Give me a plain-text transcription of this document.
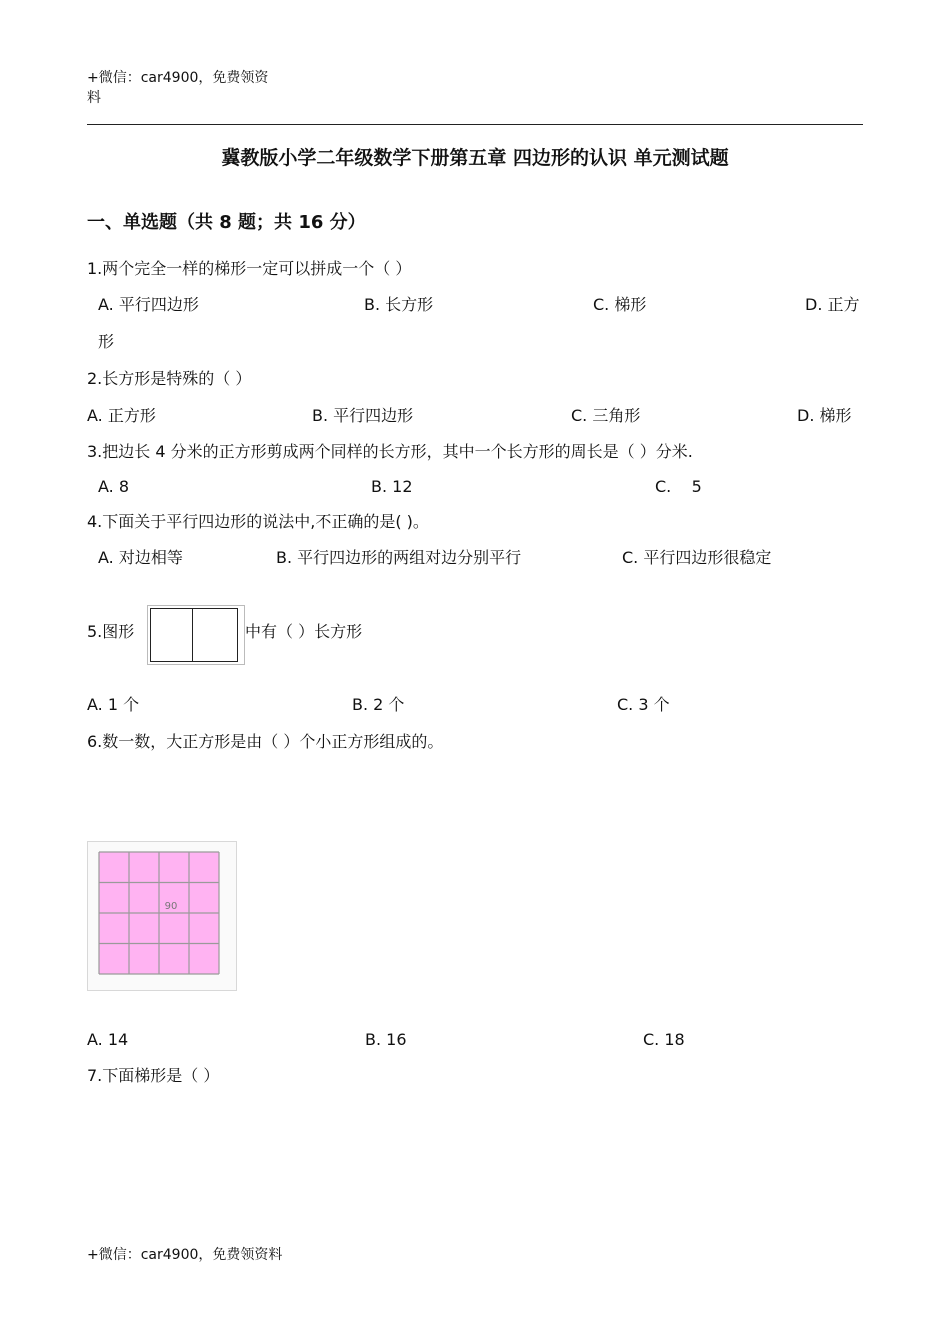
+微信：car4900，免费领资
料
冀教版小学二年级数学下册第五章 四边形的认识 单元测试题
一、单选题（共 8 题；共 16 分）
1.两个完全一样的梯形一定可以拼成一个（ ）
A. 平行四边形	B. 长方形	C. 梯形	D. 正方
形
2.长方形是特殊的（ ）
A. 正方形	B. 平行四边形	C. 三角形	D. 梯形
3.把边长 4 分米的正方形剪成两个同样的长方形，其中一个长方形的周长是（ ）分米.
A. 8	B. 12	C.    5
4.下面关于平行四边形的说法中,不正确的是( )。
A. 对边相等	B. 平行四边形的两组对边分别平行	C. 平行四边形很稳定
5.图形	中有（ ）长方形
A. 1 个	B. 2 个	C. 3 个
6.数一数，大正方形是由（ ）个小正方形组成的。
90
A. 14	B. 16	C. 18
7.下面梯形是（ ）
+微信：car4900，免费领资料
